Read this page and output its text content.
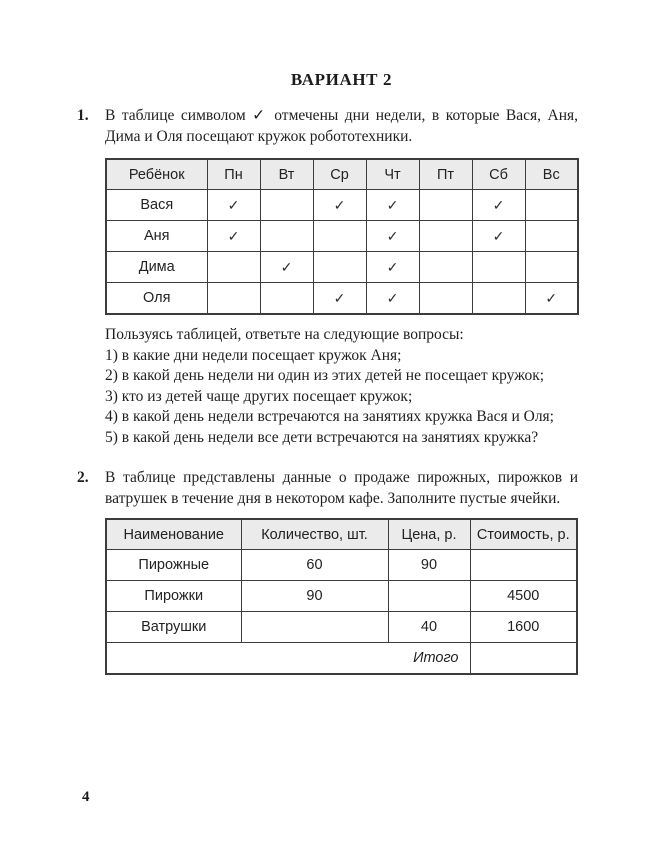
ВАРИАНТ 2
1. В таблице символом ✓ отмечены дни недели, в которые Вася, Аня, Дима и Оля посещают кружок робототехники.

Ребёнок	Пн	Вт	Ср	Чт	Пт	Сб	Вс
Вася	✓		✓	✓		✓	
Аня	✓			✓		✓	
Дима		✓		✓			
Оля			✓	✓			✓
Пользуясь таблицей, ответьте на следующие вопросы:
1) в какие дни недели посещает кружок Аня;
2) в какой день недели ни один из этих детей не посещает кружок;
3) кто из детей чаще других посещает кружок;
4) в какой день недели встречаются на занятиях кружка Вася и Оля;
5) в какой день недели все дети встречаются на занятиях кружка?
2. В таблице представлены данные о продаже пирожных, пирожков и ватрушек в течение дня в некотором кафе. Заполните пустые ячейки.

Наименование	Количество, шт.	Цена, р.	Стоимость, р.
Пирожные	60	90	
Пирожки	90		4500
Ватрушки		40	1600
Итого			
4
